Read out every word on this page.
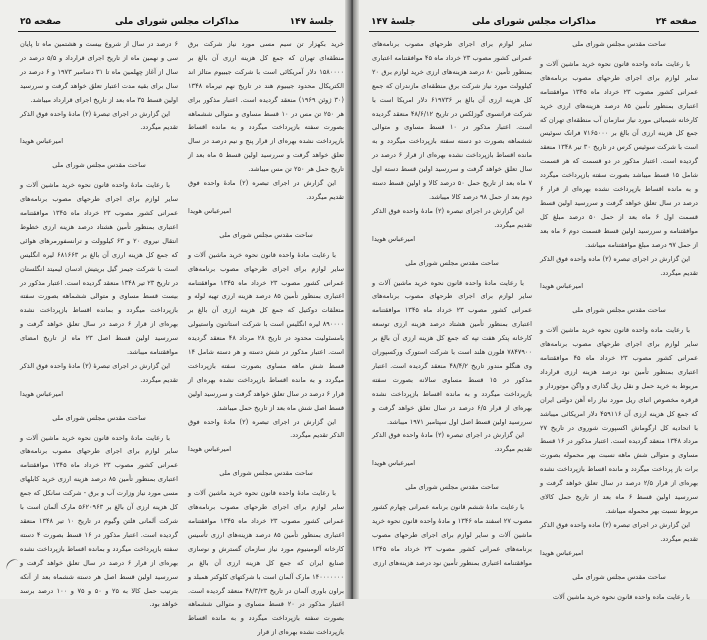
جلسهٔ ۱۴۷
مذاکرات مجلس شورای ملی
صفحه ۲۵	صفحه ۲۴
مذاکرات مجلس شورای ملی
جلسهٔ ۱۴۷

ساحت مقدس مجلس شورای ملی

با رعایت ماده واحده قانون نحوه خرید ماشین آلات و سایر لوازم برای اجرای طرحهای مصوب برنامه‌های عمرانی کشور مصوب ۲۳ خرداد ماه ۱۳۴۵ موافقتنامه اعتباری بمنظور تأمین ۸۵ درصد هزینه‌های ارزی خرید کارخانه شیمیائی مورد نیاز سازمان آب منطقه‌ای تهران که جمع کل هزینه ارزی آن بالغ بر ۷۱۶۵۰۰۰ فرانک سوئیس است با شرکت سوئیس کرس در تاریخ ۳۰ تیر ۱۳۴۸ منعقد گردیده است. اعتبار مذکور در دو قسمت که هر قسمت شامل ۱۵ قسط میباشد بصورت سفته بازپرداخت میگردد و به مانده اقساط بازپرداخت نشده بهره‌ای از قرار ۶ درصد در سال تعلق خواهد گرفت و سررسید اولین قسط قسمت اول ۶ ماه بعد از حمل ۵۰ درصد مبلغ کل موافقتنامه و سررسید اولین قسط قسمت دوم ۶ ماه بعد از حمل ۹۷ درصد مبلغ موافقتنامه میباشد.

این گزارش در اجرای تبصره (۲) ماده واحده فوق الذکر تقدیم میگردد.

امیرعباس هویدا

ساحت مقدس مجلس شورای ملی

با رعایت ماده واحده قانون نحوه خرید ماشین آلات و سایر لوازم برای اجرای طرحهای مصوب برنامه‌های عمرانی کشور مصوب ۲۳ خرداد ماه ۴۵ موافقتنامه اعتباری بمنظور تأمین نود درصد هزینه ارزی قرارداد مربوط به خرید حمل و نقل ریل گذاری و واگن موتوردار و قرقره مخصوص اتبای ریل مورد نیاز راه آهن دولتی ایران که جمع کل هزینه ارزی آن ۴۵۹۱۱۶ دلار امریکائی میباشد با اتحادیه کل ارگوماش اکسپورت شوروی در تاریخ ۲۷ مرداد ۱۳۴۸ منعقد گردیده است. اعتبار مذکور در ۱۶ قسط مساوی و متوالی شش ماهه نسبت بهر محموله بصورت برات باز پرداخت میگردد و مانده اقساط بازپرداخت نشده بهره‌ای از قرار ۲/۵ درصد در سال تعلق خواهد گرفت و سررسید اولین قسط ۶ ماه بعد از تاریخ حمل کالای مربوط نسبت بهر محموله میباشد.

این گزارش در اجرای تبصره (۲) ماده واحده فوق الذکر تقدیم میگردد.

امیرعباس هویدا

ساحت مقدس مجلس شورای ملی

با رعایت ماده واحده قانون نحوه خرید ماشین آلات

سایر لوازم برای اجرای طرحهای مصوب برنامه‌های عمرانی کشور مصوب ۲۳ خرداد ماه ۴۵ موافقتنامه اعتباری بمنظور تأمین ۸۰ درصد هزینه‌های ارزی خرید لوازم برق ۲۰ کیلوولت مورد نیاز شرکت برق منطقه‌ای مازندران که جمع کل هزینه ارزی آن بالغ بر ۶۱۹۷۳۶ دلار امریکا است با شرکت فرانسوی گوزلکس در تاریخ ۴۸/۶/۱۲ منعقد گردیده است. اعتبار مذکور در ۱۰ قسط مساوی و متوالی ششماهه بصورت دو دسته سفته بازپرداخت میگردد و به مانده اقساط بازپرداخت نشده بهره‌ای از قرار ۶ درصد در سال تعلق خواهد گرفت و سررسید اولین قسط دسته اول ۷ ماه بعد از تاریخ حمل ۵۰ درصد کالا و اولین قسط دسته دوم بعد از حمل ۹۸ درصد کالا میباشد.

این گزارش در اجرای تبصره (۲) مادهٔ واحده فوق الذکر تقدیم میگردد.

امیرعباس هویدا

ساحت مقدس مجلس شورای ملی

با رعایت مادهٔ واحده قانون نحوه خرید ماشین آلات و سایر لوازم برای اجرای طرحهای مصوب برنامه‌های عمرانی کشور مصوب ۲۳ خرداد ماه ۱۳۴۵ موافقتنامه اعتباری بمنظور تأمین هشتاد درصد هزینه ارزی توسعه کارخانه پتکر هفت تپه که جمع کل هزینه ارزی آن بالغ بر ۷۸۴۷۹۰۰ فلورن هلند است با شرکت استورک ورکسپوران وی هنگلو مندور تاریخ ۴۸/۴/۲ منعقد گردیده است. اعتبار مذکور در ۱۵ قسط مساوی سالانه بصورت سفته بازپرداخت میگردد و به مانده اقساط بازپرداخت نشده بهره‌ای از قرار ۶/۵ درصد در سال تعلق خواهد گرفت و سررسید اولین قسط اصل اول سپتامبر ۱۹۷۱ میباشد.

این گزارش در اجرای تبصره (۲) مادهٔ واحده فوق الذکر تقدیم میگردد.

امیرعباس هویدا

ساحت مقدس مجلس شورای ملی

با رعایت مادهٔ ششم قانون برنامه عمرانی چهارم کشور مصوب ۲۷ اسفند ماه ۱۳۴۶ و مادهٔ واحده قانون نحوه خرید ماشین آلات و سایر لوازم برای اجرای طرحهای مصوب برنامه‌های عمرانی کشور مصوب ۲۳ خرداد ماه ۱۳۴۵ موافقتنامه اعتباری بمنظور تأمین نود درصد هزینه‌های ارزی

خرید بکهزار تن سیم مسی مورد نیاز شرکت برق منطقه‌ای تهران که جمع کل هزینه ارزی آن بالغ بر ۱۵۸۰۰۰۰ دلار آمریکائی است با شرکت جیبیوم متالز اند الکتریکال محدود جیبیوم هند در تاریخ نهم تیرماه ۱۳۴۸ (۳۰ ژوئن ۱۹۶۹) منعقد گردیده است. اعتبار مذکور برای هر ۲۵۰ تن مس در ۱۰ قسط مساوی و متوالی ششماهه بصورت سفته بازپرداخت میگردد و به مانده اقساط بازپرداخت نشده بهره‌ای از قرار پنج و نیم درصد در سال تعلق خواهد گرفت و سررسید اولین قسط ۵ ماه بعد از تاریخ حمل هر ۲۵۰ تن مس میباشد.

این گزارش در اجرای تبصره (۲) مادهٔ واحده فوق تقدیم میگردد.

امیرعباس هویدا

ساحت مقدس مجلس شورای ملی

با رعایت مادهٔ واحده قانون نحوه خرید ماشین آلات و سایر لوازم برای اجرای طرحهای مصوب برنامه‌های عمرانی کشور مصوب ۲۳ خرداد ماه ۱۳۴۵ موافقتنامه اعتباری بمنظور تأمین ۸۵ درصد هزینه ارزی تهیه لوله و متعلقات دوکتیل که جمع کل هزینه ارزی آن بالغ بر ۸۹۰۰۰۰ لیره انگلیس است با شرکت استانتون واستیولی بامسئولیت محدود در تاریخ ۲۸ مرداد ۴۸ منعقد گردیده است. اعتبار مذکور در شش دسته و هر دسته شامل ۱۴ قسط شش ماهه مساوی بصورت سفته بازپرداخت میگردد و به مانده اقساط بازپرداخت نشده بهره‌ای از قرار ۶ درصد در سال تعلق خواهد گرفت و سررسید اولین قسط اصل شش ماه بعد از تاریخ حمل میباشد.

این گزارش در اجرای تبصره (۲) مادهٔ واحده فوق الذکر تقدیم میگردد.

امیرعباس هویدا

ساحت مقدس مجلس شورای ملی

با رعایت مادهٔ واحده قانون نحوه خرید ماشین آلات و سایر لوازم برای اجرای طرحهای مصوب برنامه‌های عمرانی کشور مصوب ۲۳ خرداد ماه ۱۳۴۵ موافقتنامه اعتباری بمنظور تأمین ۸۵ درصد هزینه‌های ارزی تأسیس کارخانه آلومینیوم مورد نیاز سازمان گسترش و نوسازی صنایع ایران که جمع کل هزینه ارزی آن بالغ بر ۱۴۰۰۰۰۰۰۰ مارک آلمان است با شرکتهای کلوکنر همبلد و براون باوری آلمان در تاریخ ۴۸/۳/۲۳ منعقد گردیده است. اعتبار مذکور در ۲۰ قسط مساوی و متوالی ششماهه بصورت سفته بازپرداخت میگردد و به مانده اقساط بازپرداخت نشده بهره‌ای از قرار

۶ درصد در سال از شروع بیست و هشتمین ماه تا پایان سی و نهمین ماه از تاریخ اجرای قرارداد و ۵/۵ درصد در سال از آغاز چهلمین ماه تا ۳۱ دسامبر ۱۹۷۳ و ۶ درصد در سال برای بقیه مدت اعتبار تعلق خواهد گرفت و سررسید اولین قسط ۳۵ ماه بعد از تاریخ اجرای قرارداد میباشد.

این گزارش در اجرای تبصرهٔ (۲) مادهٔ واحده فوق الذکر تقدیم میگردد.

امیرعباس هویدا

ساحت مقدس مجلس شورای ملی

با رعایت مادهٔ واحده قانون نحوه خرید ماشین آلات و سایر لوازم برای اجرای طرحهای مصوب برنامه‌های عمرانی کشور مصوب ۲۳ خرداد ماه ۱۳۴۵ موافقتنامه اعتباری بمنظور تأمین هشتاد درصد هزینه ارزی خطوط انتقال نیروی ۲۰ و ۶۳ کیلوولت و ترانسفورمرهای هوائی که جمع کل هزینه ارزی آن بالغ بر ۶۸۱۶۶۳ لیره انگلیس است با شرکت جیمز گیل بریتیش ادسان لیمیتد انگلستان در تاریخ ۲۳ تیر ۱۳۴۸ منعقد گردیده است. اعتبار مذکور در بیست قسط مساوی و متوالی ششماهه بصورت سفته بازپرداخت میگردد و بمانده اقساط بازپرداخت نشده بهره‌ای از قرار ۶ درصد در سال تعلق خواهد گرفت و سررسید اولین قسط اصل ۲۳ ماه از تاریخ امضای موافقتنامه میباشد.

این گزارش در اجرای تبصرهٔ (۲) مادهٔ واحده فوق الذکر تقدیم میگردد.

امیرعباس هویدا

ساحت مقدس مجلس شورای ملی

با رعایت مادهٔ واحده قانون نحوه خرید ماشین آلات و سایر لوازم برای اجرای طرحهای مصوب برنامه‌های عمرانی کشور مصوب ۲۳ خرداد ماه ۱۳۴۵ موافقتنامه اعتباری بمنظور تأمین ۸۵ درصد هزینه ارزی خرید کابلهای مسی مورد نیاز وزارت آب و برق - شرکت سانکل که جمع کل هزینه ارزی آن بالغ بر ۵۶۲۰۹۶۳ مارک آلمان است با شرکت آلمانی فلتن وگیوم در تاریخ ۱۰ تیر ۱۳۴۸ منعقد گردیده است. اعتبار مذکور در ۱۶ قسط بصورت ۴ دسته سفته بازپرداخت میگردد و بمانده اقساط بازپرداخت نشده بهره‌ای از قرار ۶ درصد در سال تعلق خواهد گرفت و سررسید اولین قسط اصل هر دسته ششماه بعد از آنکه بترتیب حمل کالا به ۲۵ و ۵۰ و ۷۵ و ۱۰۰ درصد برسد خواهد بود.
